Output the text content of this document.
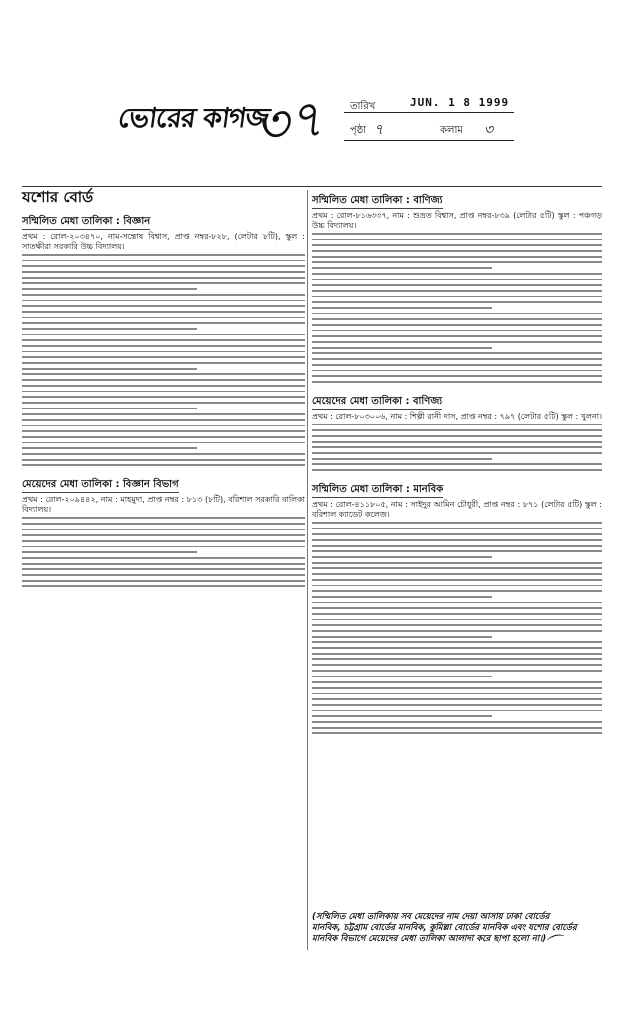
ভোরের কাগজ
৩৭ তারিখ	JUN. 1 8 1999
পৃষ্ঠা ৭	কলাম ৩
যশোর বোর্ড
সম্মিলিত মেধা তালিকা : বিজ্ঞান

প্রথম : রোল-২০৩৪৭০, নাম-সন্তোষ বিশ্বাস, প্রাপ্ত নম্বর-৮২৮, (লেটার ৮টি), স্কুল : সাতক্ষীরা সরকারি উচ্চ বিদ্যালয়।

মেয়েদের মেধা তালিকা : বিজ্ঞান বিভাগ

প্রথম : রোল-২০৯৪৪২, নাম : মাহমুদা, প্রাপ্ত নম্বর : ৮১৩ (৮টি), বরিশাল সরকারি বালিকা বিদ্যালয়।

সম্মিলিত মেধা তালিকা : বাণিজ্য

প্রথম : রোল-৮১৬৩৩৭, নাম : শুভ্রত বিশ্বাস, প্রাপ্ত নম্বর-৮৩৯ (লেটার ৫টি) স্কুল : পঞ্চগড় উচ্চ বিদ্যালয়।

মেয়েদের মেধা তালিকা : বাণিজ্য

প্রথম : রোল-৮০৩০০৬, নাম : শিল্পী রানী দাস, প্রাপ্ত নম্বর : ৭৯৭ (লেটার ৫টি) স্কুল : খুলনা।

সম্মিলিত মেধা তালিকা : মানবিক

প্রথম : রোল-৪১১৮০৫, নাম : সাইদুর আমিন চৌধুরী, প্রাপ্ত নম্বর : ৮৭১ (লেটার ৫টি) স্কুল : বরিশাল ক্যাডেট কলেজ।

(সম্মিলিত মেধা তালিকায় সব মেয়েদের নাম দেয়া আসায় ঢাকা বোর্ডের মানবিক, চট্টগ্রাম বোর্ডের মানবিক, কুমিল্লা বোর্ডের মানবিক এবং যশোর বোর্ডের মানবিক বিভাগে মেয়েদের মেধা তালিকা আলাদা করে ছাপা হলো না।) ⌒
